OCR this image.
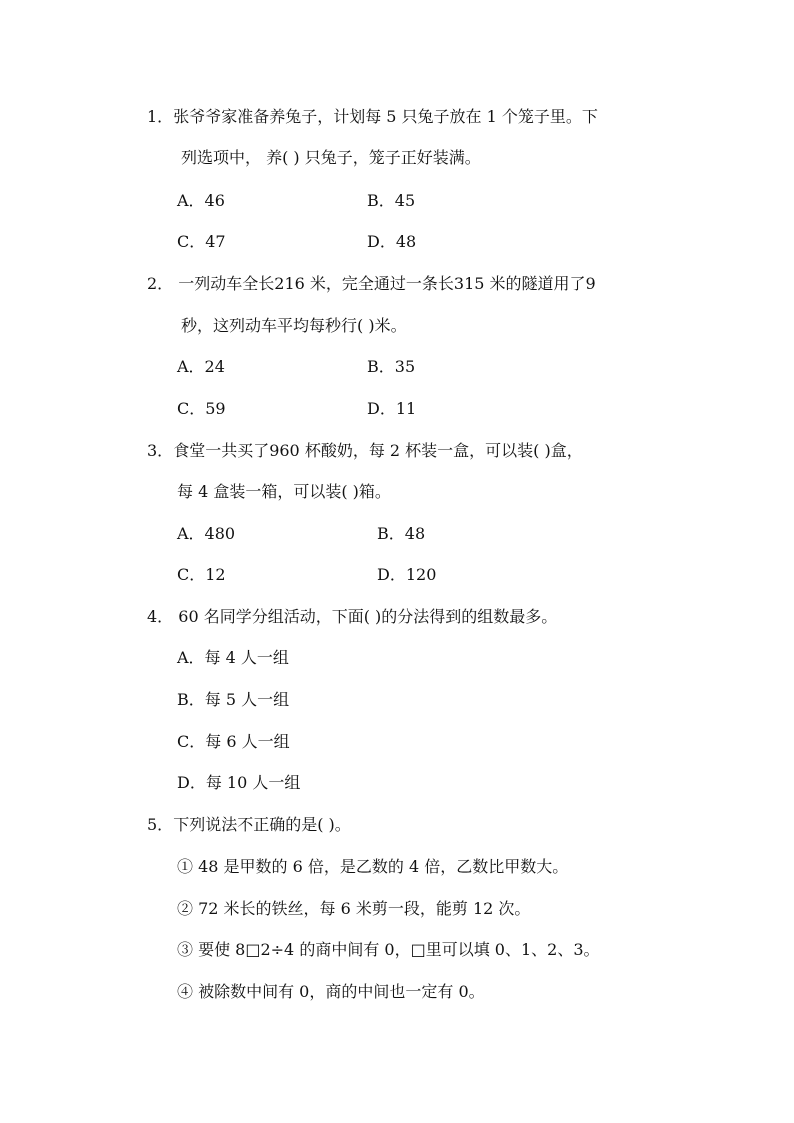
1．张爷爷家准备养兔子，计划每 5 只兔子放在 1 个笼子里。下
列选项中， 养( ) 只兔子，笼子正好装满。
A．46	B．45
C．47	D．48
2． 一列动车全长216 米，完全通过一条长315 米的隧道用了9
秒，这列动车平均每秒行( )米。
A．24	B．35
C．59	D．11
3．食堂一共买了960 杯酸奶，每 2 杯装一盒，可以装( )盒，
每 4 盒装一箱，可以装( )箱。
A．480	B．48
C．12	D．120
4． 60 名同学分组活动，下面( )的分法得到的组数最多。
A．每 4 人一组
B．每 5 人一组
C．每 6 人一组
D．每 10 人一组
5．下列说法不正确的是( )。
① 48 是甲数的 6 倍，是乙数的 4 倍，乙数比甲数大。
② 72 米长的铁丝，每 6 米剪一段，能剪 12 次。
③ 要使 8□2÷4 的商中间有 0，□里可以填 0、1、2、3。
④ 被除数中间有 0，商的中间也一定有 0。
